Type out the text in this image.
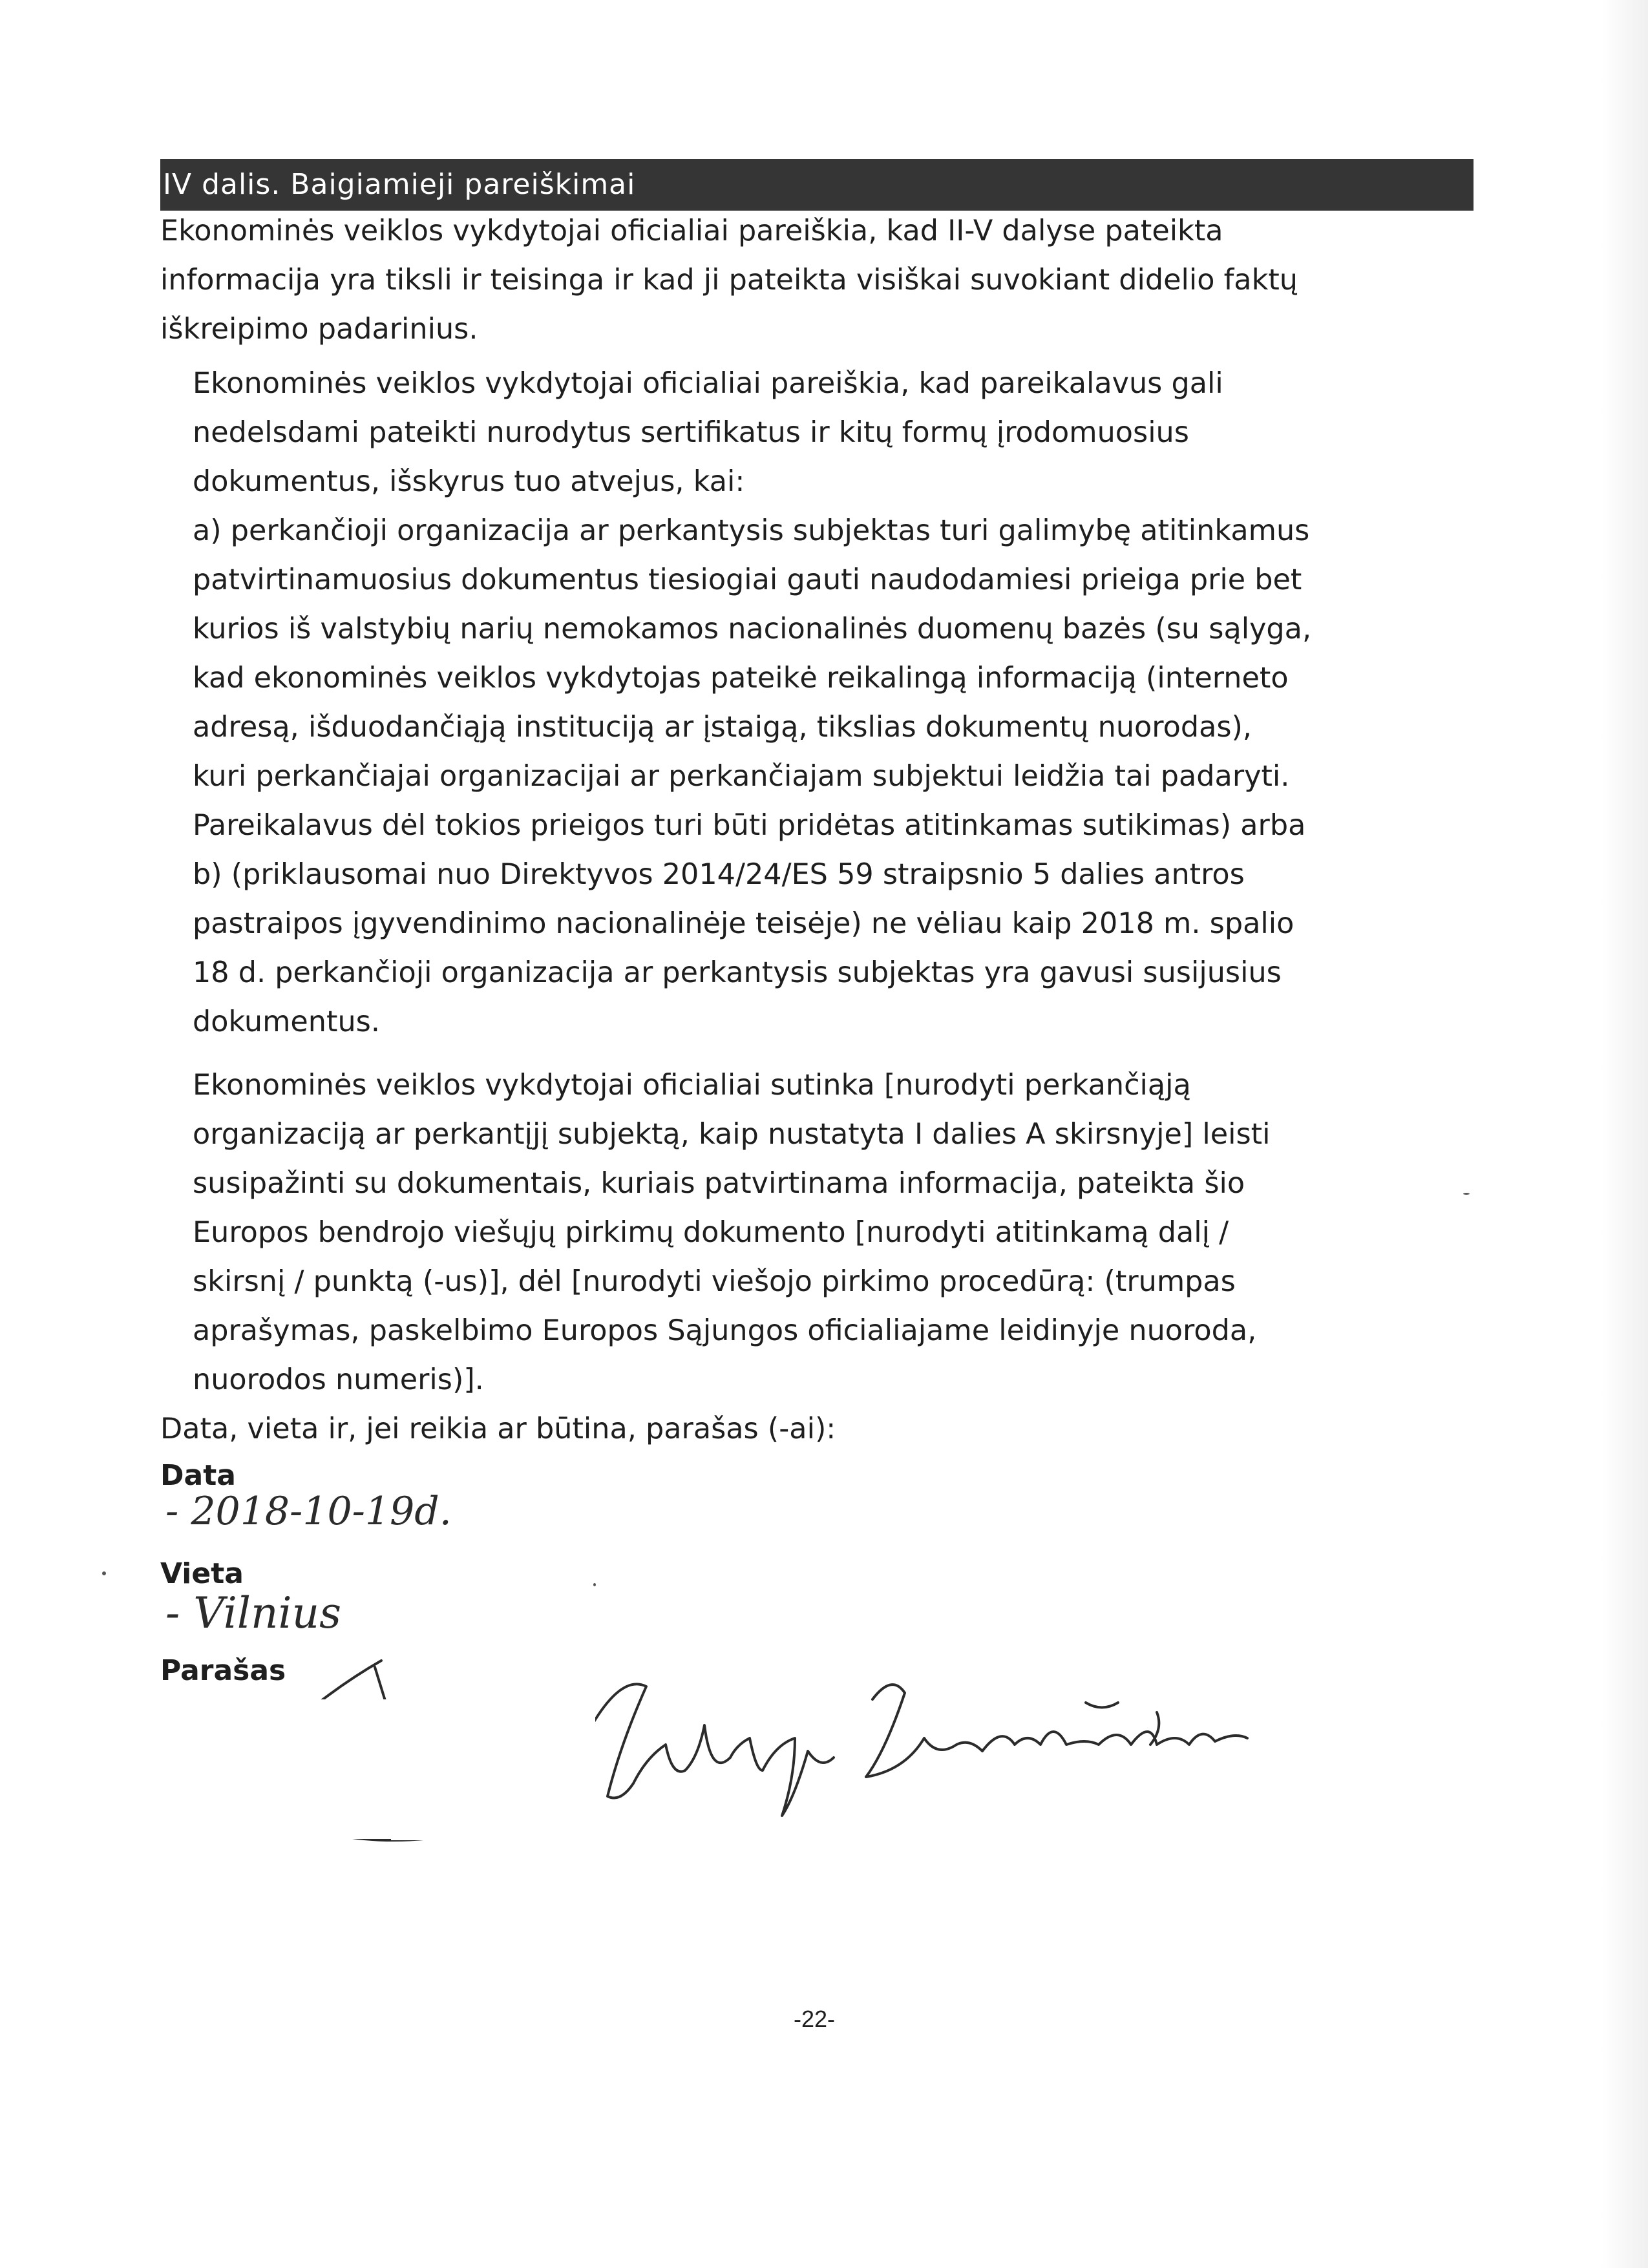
IV dalis. Baigiamieji pareiškimai
Ekonominės veiklos vykdytojai oficialiai pareiškia, kad II-V dalyse pateikta
informacija yra tiksli ir teisinga ir kad ji pateikta visiškai suvokiant didelio faktų
iškreipimo padarinius.
Ekonominės veiklos vykdytojai oficialiai pareiškia, kad pareikalavus gali
nedelsdami pateikti nurodytus sertifikatus ir kitų formų įrodomuosius
dokumentus, išskyrus tuo atvejus, kai:
a) perkančioji organizacija ar perkantysis subjektas turi galimybę atitinkamus
patvirtinamuosius dokumentus tiesiogiai gauti naudodamiesi prieiga prie bet
kurios iš valstybių narių nemokamos nacionalinės duomenų bazės (su sąlyga,
kad ekonominės veiklos vykdytojas pateikė reikalingą informaciją (interneto
adresą, išduodančiąją instituciją ar įstaigą, tikslias dokumentų nuorodas),
kuri perkančiajai organizacijai ar perkančiajam subjektui leidžia tai padaryti.
Pareikalavus dėl tokios prieigos turi būti pridėtas atitinkamas sutikimas) arba
b) (priklausomai nuo Direktyvos 2014/24/ES 59 straipsnio 5 dalies antros
pastraipos įgyvendinimo nacionalinėje teisėje) ne vėliau kaip 2018 m. spalio
18 d. perkančioji organizacija ar perkantysis subjektas yra gavusi susijusius
dokumentus.
Ekonominės veiklos vykdytojai oficialiai sutinka [nurodyti perkančiąją
organizaciją ar perkantįjį subjektą, kaip nustatyta I dalies A skirsnyje] leisti
susipažinti su dokumentais, kuriais patvirtinama informacija, pateikta šio
Europos bendrojo viešųjų pirkimų dokumento [nurodyti atitinkamą dalį /
skirsnį / punktą (-us)], dėl [nurodyti viešojo pirkimo procedūrą: (trumpas
aprašymas, paskelbimo Europos Sąjungos oficialiajame leidinyje nuoroda,
nuorodos numeris)].
Data, vieta ir, jei reikia ar būtina, parašas (-ai):
Data
- 2018-10-19d.
Vieta
- Vilnius
Parašas
Vitalijus Gorelčenka
-22-
